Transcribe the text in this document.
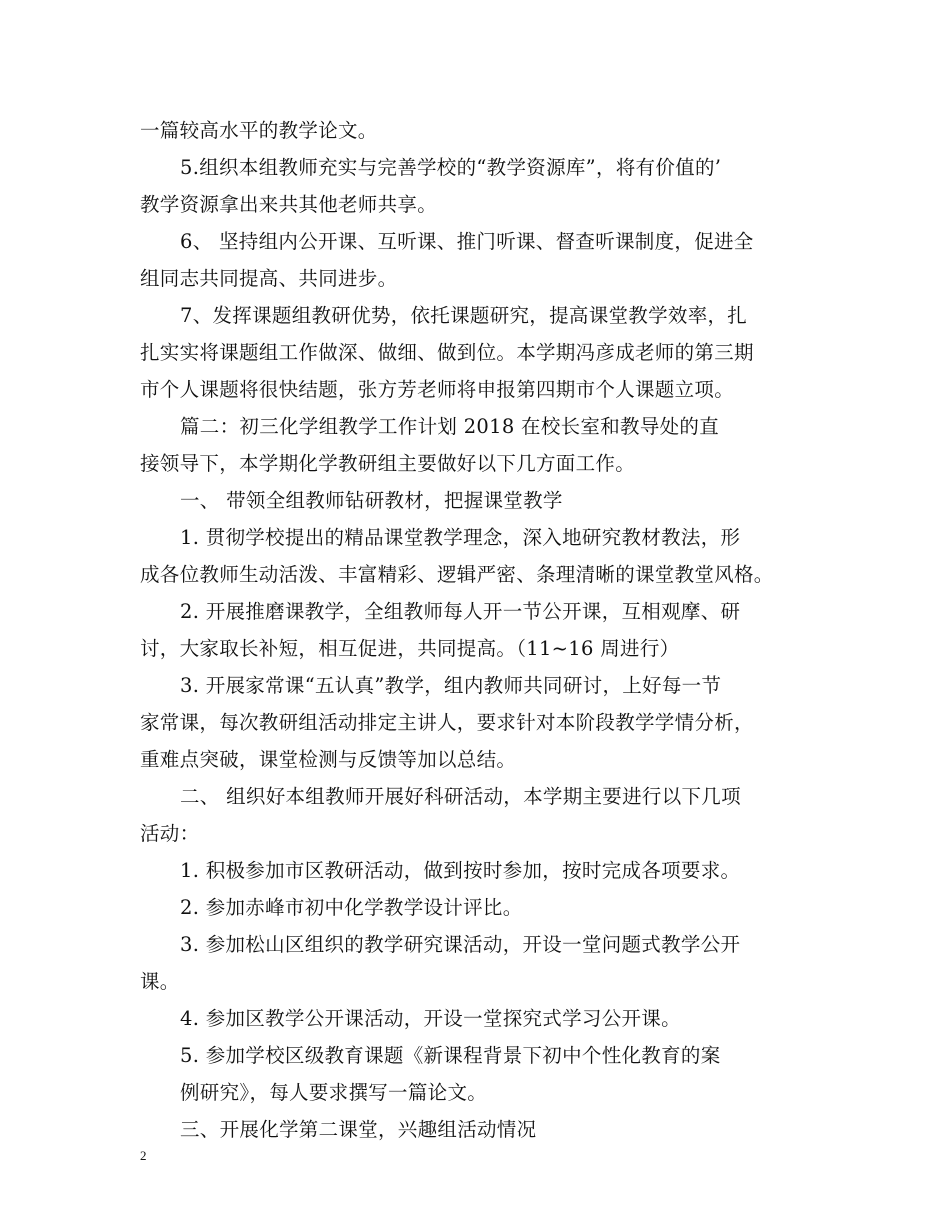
一篇较高水平的教学论文。
5.组织本组教师充实与完善学校的“教学资源库”，将有价值的’
教学资源拿出来共其他老师共享。
6、 坚持组内公开课、互听课、推门听课、督查听课制度，促进全
组同志共同提高、共同进步。
7、发挥课题组教研优势，依托课题研究，提高课堂教学效率，扎
扎实实将课题组工作做深、做细、做到位。本学期冯彦成老师的第三期
市个人课题将很快结题，张方芳老师将申报第四期市个人课题立项。
篇二：初三化学组教学工作计划 2018 在校长室和教导处的直
接领导下，本学期化学教研组主要做好以下几方面工作。
一、 带领全组教师钻研教材，把握课堂教学
1. 贯彻学校提出的精品课堂教学理念，深入地研究教材教法，形
成各位教师生动活泼、丰富精彩、逻辑严密、条理清晰的课堂教堂风格。
2. 开展推磨课教学，全组教师每人开一节公开课，互相观摩、研
讨，大家取长补短，相互促进，共同提高。（11~16 周进行）
3. 开展家常课“五认真”教学，组内教师共同研讨，上好每一节
家常课，每次教研组活动排定主讲人，要求针对本阶段教学学情分析，
重难点突破，课堂检测与反馈等加以总结。
二、 组织好本组教师开展好科研活动，本学期主要进行以下几项
活动：
1. 积极参加市区教研活动，做到按时参加，按时完成各项要求。
2. 参加赤峰市初中化学教学设计评比。
3. 参加松山区组织的教学研究课活动，开设一堂问题式教学公开
课。
4. 参加区教学公开课活动，开设一堂探究式学习公开课。
5. 参加学校区级教育课题《新课程背景下初中个性化教育的案
例研究》，每人要求撰写一篇论文。
三、开展化学第二课堂，兴趣组活动情况
2
